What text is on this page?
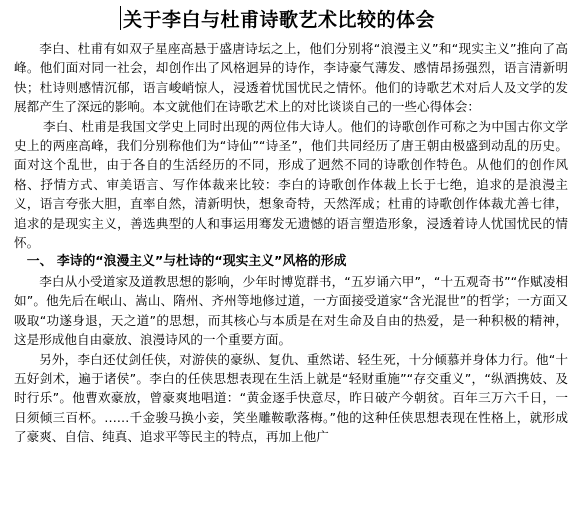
关于李白与杜甫诗歌艺术比较的体会

李白、杜甫有如双子星座高悬于盛唐诗坛之上，他们分别将“浪漫主义”和“现实主义”推向了高峰。他们面对同一社会，却创作出了风格迥异的诗作，李诗豪气薄发、感情昂扬强烈，语言清新明快；杜诗则感情沉郁，语言峻峭惊人，浸透着忧国忧民之情怀。他们的诗歌艺术对后人及文学的发展都产生了深远的影响。本文就他们在诗歌艺术上的对比谈谈自己的一些心得体会：

李白、杜甫是我国文学史上同时出现的两位伟大诗人。他们的诗歌创作可称之为中国古你文学史上的两座高峰，我们分别称他们为“诗仙”“诗圣”，他们共同经历了唐王朝由极盛到动乱的历史。面对这个乱世，由于各自的生活经历的不同，形成了迥然不同的诗歌创作特色。从他们的创作风格、抒情方式、审美语言、写作体裁来比较：李白的诗歌创作体裁上长于七绝，追求的是浪漫主义，语言夸张大胆，直率自然，清新明快，想象奇特，天然浑成；杜甫的诗歌创作体裁尤善七律，追求的是现实主义，善选典型的人和事运用骞发无遗憾的语言塑造形象，浸透着诗人忧国忧民的情怀。

一、 李诗的“浪漫主义”与杜诗的“现实主义”风格的形成

李白从小受道家及道教思想的影响，少年时博览群书，“五岁诵六甲”，“十五观奇书”“作赋凌相如”。他先后在岷山、嵩山、隋州、齐州等地修过道，一方面接受道家“含光混世”的哲学；一方面又吸取“功遂身退，天之道”的思想，而其核心与本质是在对生命及自由的热爱，是一种积极的精神，这是形成他自由豪放、浪漫诗风的一个重要方面。

另外，李白还仗剑任侠，对游侠的豪纵、复仇、重然诺、轻生死，十分倾慕并身体力行。他“十五好剑术，遍于诸侯”。李白的任侠思想表现在生活上就是“轻财重施”“存交重义”，“纵酒携妓、及时行乐”。他曹欢豪放，曾豪爽地唱道：“黄金逐手快意尽，昨日破产今朝贫。百年三万六千日，一日须倾三百杯。……千金骏马换小妾，笑坐雕鞍歌落梅。”他的这种任侠思想表现在性格上，就形成了豪爽、自信、纯真、追求平等民主的特点，再加上他广
